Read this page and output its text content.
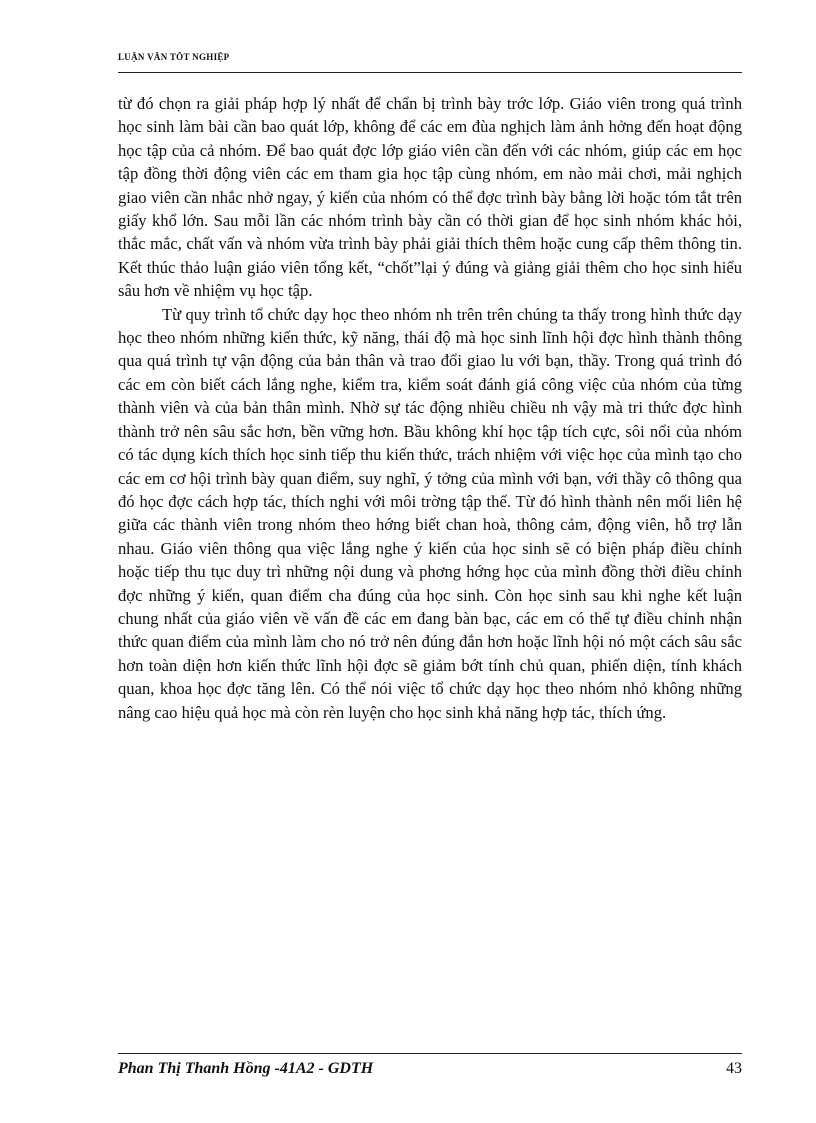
LUẬN VĂN TỐT NGHIỆP

từ đó chọn ra giải pháp hợp lý nhất để chẩn bị trình bày trớc lớp. Giáo viên trong quá trình học sinh làm bài cần bao quát lớp, không để các em đùa nghịch làm ảnh hởng đến hoạt động học tập của cả nhóm. Để bao quát đợc lớp giáo viên cần đến với các nhóm, giúp các em học tập đồng thời động viên các em tham gia học tập cùng nhóm, em nào mải chơi, mải nghịch giao viên cần nhắc nhở ngay, ý kiến của nhóm có thể đợc trình bày bằng lời hoặc tóm tắt trên giấy khổ lớn. Sau mỗi lần các nhóm trình bày cần có thời gian để học sinh nhóm khác hỏi, thắc mắc, chất vấn và nhóm vừa trình bày phải giải thích thêm hoặc cung cấp thêm thông tin. Kết thúc thảo luận giáo viên tổng kết, “chốt”lại ý đúng và giảng giải thêm cho học sinh hiểu sâu hơn về nhiệm vụ học tập.

Từ quy trình tổ chức dạy học theo nhóm nh trên trên chúng ta thấy trong hình thức dạy học theo nhóm những kiến thức, kỹ năng, thái độ mà học sinh lĩnh hội đợc hình thành thông qua quá trình tự vận động của bản thân và trao đổi giao lu với bạn, thầy. Trong quá trình đó các em còn biết cách lắng nghe, kiểm tra, kiểm soát đánh giá công việc của nhóm của từng thành viên và của bản thân mình. Nhờ sự tác động nhiều chiều nh vậy mà tri thức đợc hình thành trở nên sâu sắc hơn, bền vững hơn. Bầu không khí học tập tích cực, sôi nổi của nhóm có tác dụng kích thích học sinh tiếp thu kiến thức, trách nhiệm với việc học của mình tạo cho các em cơ hội trình bày quan điểm, suy nghĩ, ý tởng của mình với bạn, với thầy cô thông qua đó học đợc cách hợp tác, thích nghi với môi trờng tập thể. Từ đó hình thành nên mối liên hệ giữa các thành viên trong nhóm theo hớng biết chan hoà, thông cảm, động viên, hỗ trợ lẫn nhau. Giáo viên thông qua việc lắng nghe ý kiến của học sinh sẽ có biện pháp điều chỉnh hoặc tiếp thu tục duy trì những nội dung và phơng hớng học của mình đồng thời điều chỉnh đợc những ý kiến, quan điểm cha đúng của học sinh. Còn học sinh sau khi nghe kết luận chung nhất của giáo viên về vấn đề các em đang bàn bạc, các em có thể tự điều chỉnh nhận thức quan điểm của mình làm cho nó trở nên đúng đắn hơn hoặc lĩnh hội nó một cách sâu sắc hơn toàn diện hơn kiến thức lĩnh hội đợc sẽ giảm bớt tính chủ quan, phiến diện, tính khách quan, khoa học đợc tăng lên. Có thể nói việc tổ chức dạy học theo nhóm nhỏ không những nâng cao hiệu quả học mà còn rèn luyện cho học sinh khả năng hợp tác, thích ứng.

Phan Thị Thanh Hồng -41A2 - GDTH	43
